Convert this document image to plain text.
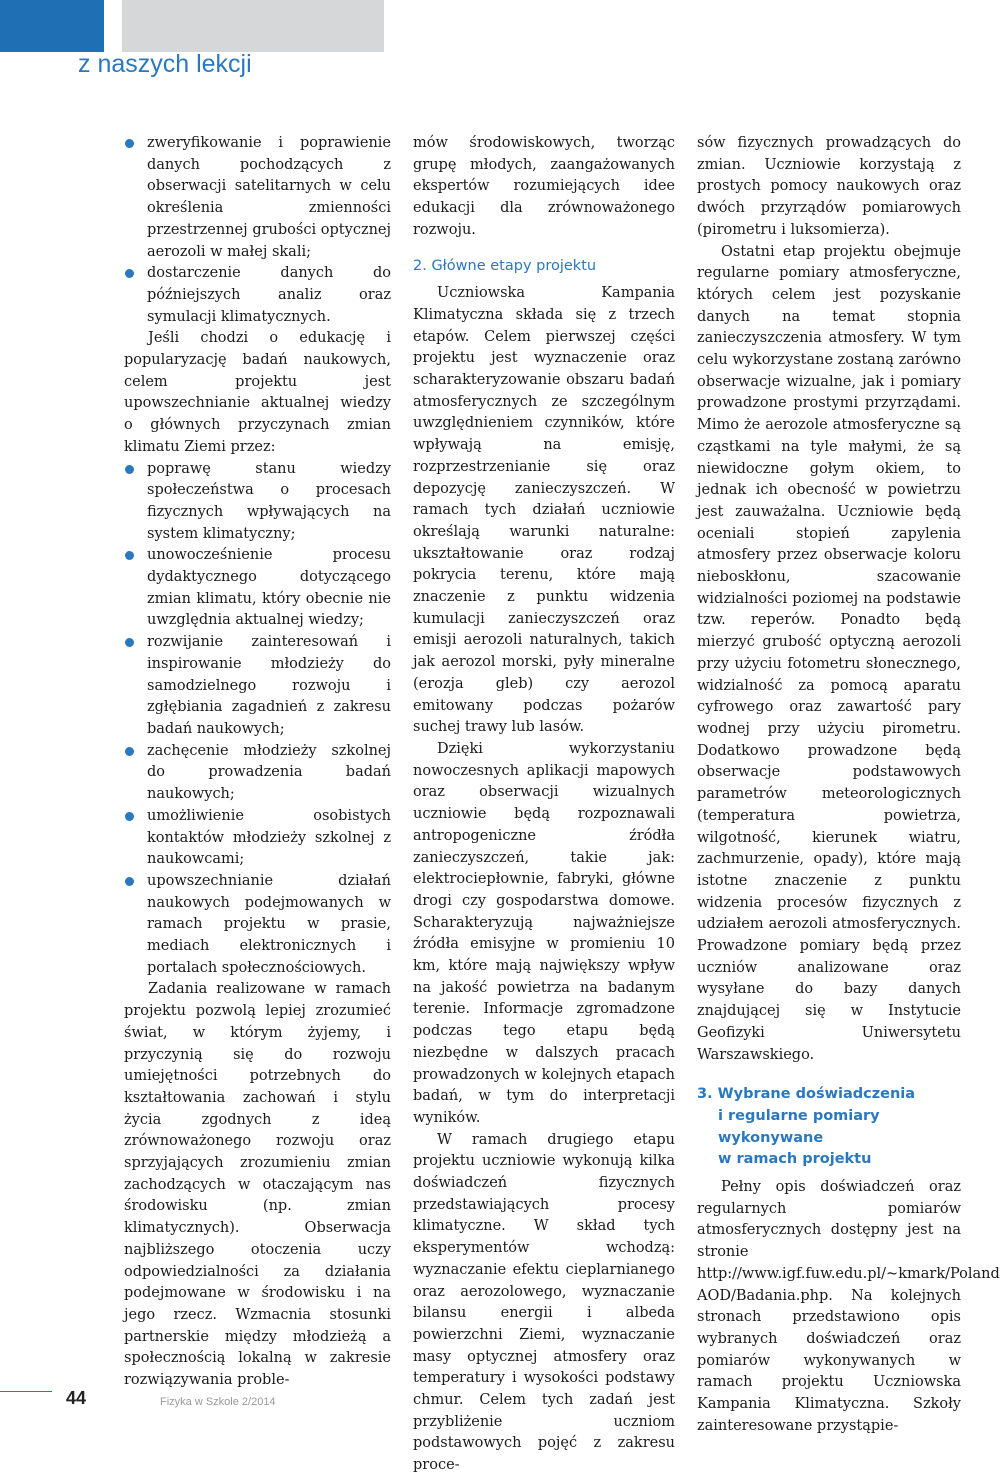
z naszych lekcji
zweryfikowanie i poprawienie danych pochodzących z obserwacji satelitarnych w celu określenia zmienności przestrzennej grubości optycznej aerozoli w małej skali;
dostarczenie danych do późniejszych analiz oraz symulacji klimatycznych.

Jeśli chodzi o edukację i popularyzację badań naukowych, celem projektu jest upowszechnianie aktualnej wiedzy o głównych przyczynach zmian klimatu Ziemi przez:

poprawę stanu wiedzy społeczeństwa o procesach fizycznych wpływających na system klimatyczny;
unowocześnienie procesu dydaktycznego dotyczącego zmian klimatu, który obecnie nie uwzględnia aktualnej wiedzy;
rozwijanie zainteresowań i inspirowanie młodzieży do samodzielnego rozwoju i zgłębiania zagadnień z zakresu badań naukowych;
zachęcenie młodzieży szkolnej do prowadzenia badań naukowych;
umożliwienie osobistych kontaktów młodzieży szkolnej z naukowcami;
upowszechnianie działań naukowych podejmowanych w ramach projektu w prasie, mediach elektronicznych i portalach społecznościowych.

Zadania realizowane w ramach projektu pozwolą lepiej zrozumieć świat, w którym żyjemy, i przyczynią się do rozwoju umiejętności potrzebnych do kształtowania zachowań i stylu życia zgodnych z ideą zrównoważonego rozwoju oraz sprzyjających zrozumieniu zmian zachodzących w otaczającym nas środowisku (np. zmian klimatycznych). Obserwacja najbliższego otoczenia uczy odpowiedzialności za działania podejmowane w środowisku i na jego rzecz. Wzmacnia stosunki partnerskie między młodzieżą a społecznością lokalną w zakresie rozwiązywania proble-

mów środowiskowych, tworząc grupę młodych, zaangażowanych ekspertów rozumiejących idee edukacji dla zrównoważonego rozwoju.

2. Główne etapy projektu

Uczniowska Kampania Klimatyczna składa się z trzech etapów. Celem pierwszej części projektu jest wyznaczenie oraz scharakteryzowanie obszaru badań atmosferycznych ze szczególnym uwzględnieniem czynników, które wpływają na emisję, rozprzestrzenianie się oraz depozycję zanieczyszczeń. W ramach tych działań uczniowie określają warunki naturalne: ukształtowanie oraz rodzaj pokrycia terenu, które mają znaczenie z punktu widzenia kumulacji zanieczyszczeń oraz emisji aerozoli naturalnych, takich jak aerozol morski, pyły mineralne (erozja gleb) czy aerozol emitowany podczas pożarów suchej trawy lub lasów.

Dzięki wykorzystaniu nowoczesnych aplikacji mapowych oraz obserwacji wizualnych uczniowie będą rozpoznawali antropogeniczne źródła zanieczyszczeń, takie jak: elektrociepłownie, fabryki, główne drogi czy gospodarstwa domowe. Scharakteryzują najważniejsze źródła emisyjne w promieniu 10 km, które mają największy wpływ na jakość powietrza na badanym terenie. Informacje zgromadzone podczas tego etapu będą niezbędne w dalszych pracach prowadzonych w kolejnych etapach badań, w tym do interpretacji wyników.

W ramach drugiego etapu projektu uczniowie wykonują kilka doświadczeń fizycznych przedstawiających procesy klimatyczne. W skład tych eksperymentów wchodzą: wyznaczanie efektu cieplarnianego oraz aerozolowego, wyznaczanie bilansu energii i albeda powierzchni Ziemi, wyznaczanie masy optycznej atmosfery oraz temperatury i wysokości podstawy chmur. Celem tych zadań jest przybliżenie uczniom podstawowych pojęć z zakresu proce-

sów fizycznych prowadzących do zmian. Uczniowie korzystają z prostych pomocy naukowych oraz dwóch przyrządów pomiarowych (pirometru i luksomierza).

Ostatni etap projektu obejmuje regularne pomiary atmosferyczne, których celem jest pozyskanie danych na temat stopnia zanieczyszczenia atmosfery. W tym celu wykorzystane zostaną zarówno obserwacje wizualne, jak i pomiary prowadzone prostymi przyrządami. Mimo że aerozole atmosferyczne są cząstkami na tyle małymi, że są niewidoczne gołym okiem, to jednak ich obecność w powietrzu jest zauważalna. Uczniowie będą oceniali stopień zapylenia atmosfery przez obserwacje koloru nieboskłonu, szacowanie widzialności poziomej na podstawie tzw. reperów. Ponadto będą mierzyć grubość optyczną aerozoli przy użyciu fotometru słonecznego, widzialność za pomocą aparatu cyfrowego oraz zawartość pary wodnej przy użyciu pirometru. Dodatkowo prowadzone będą obserwacje podstawowych parametrów meteorologicznych (temperatura powietrza, wilgotność, kierunek wiatru, zachmurzenie, opady), które mają istotne znaczenie z punktu widzenia procesów fizycznych z udziałem aerozoli atmosferycznych. Prowadzone pomiary będą przez uczniów analizowane oraz wysyłane do bazy danych znajdującej się w Instytucie Geofizyki Uniwersytetu Warszawskiego.

3. Wybrane doświadczenia
i regularne pomiary
wykonywane
w ramach projektu

Pełny opis doświadczeń oraz regularnych pomiarów atmosferycznych dostępny jest na stronie http://www.igf.fuw.edu.pl/~kmark/Poland AOD/Badania.php. Na kolejnych stronach przedstawiono opis wybranych doświadczeń oraz pomiarów wykonywanych w ramach projektu Uczniowska Kampania Klimatyczna. Szkoły zainteresowane przystąpie-

44	Fizyka w Szkole 2/2014
